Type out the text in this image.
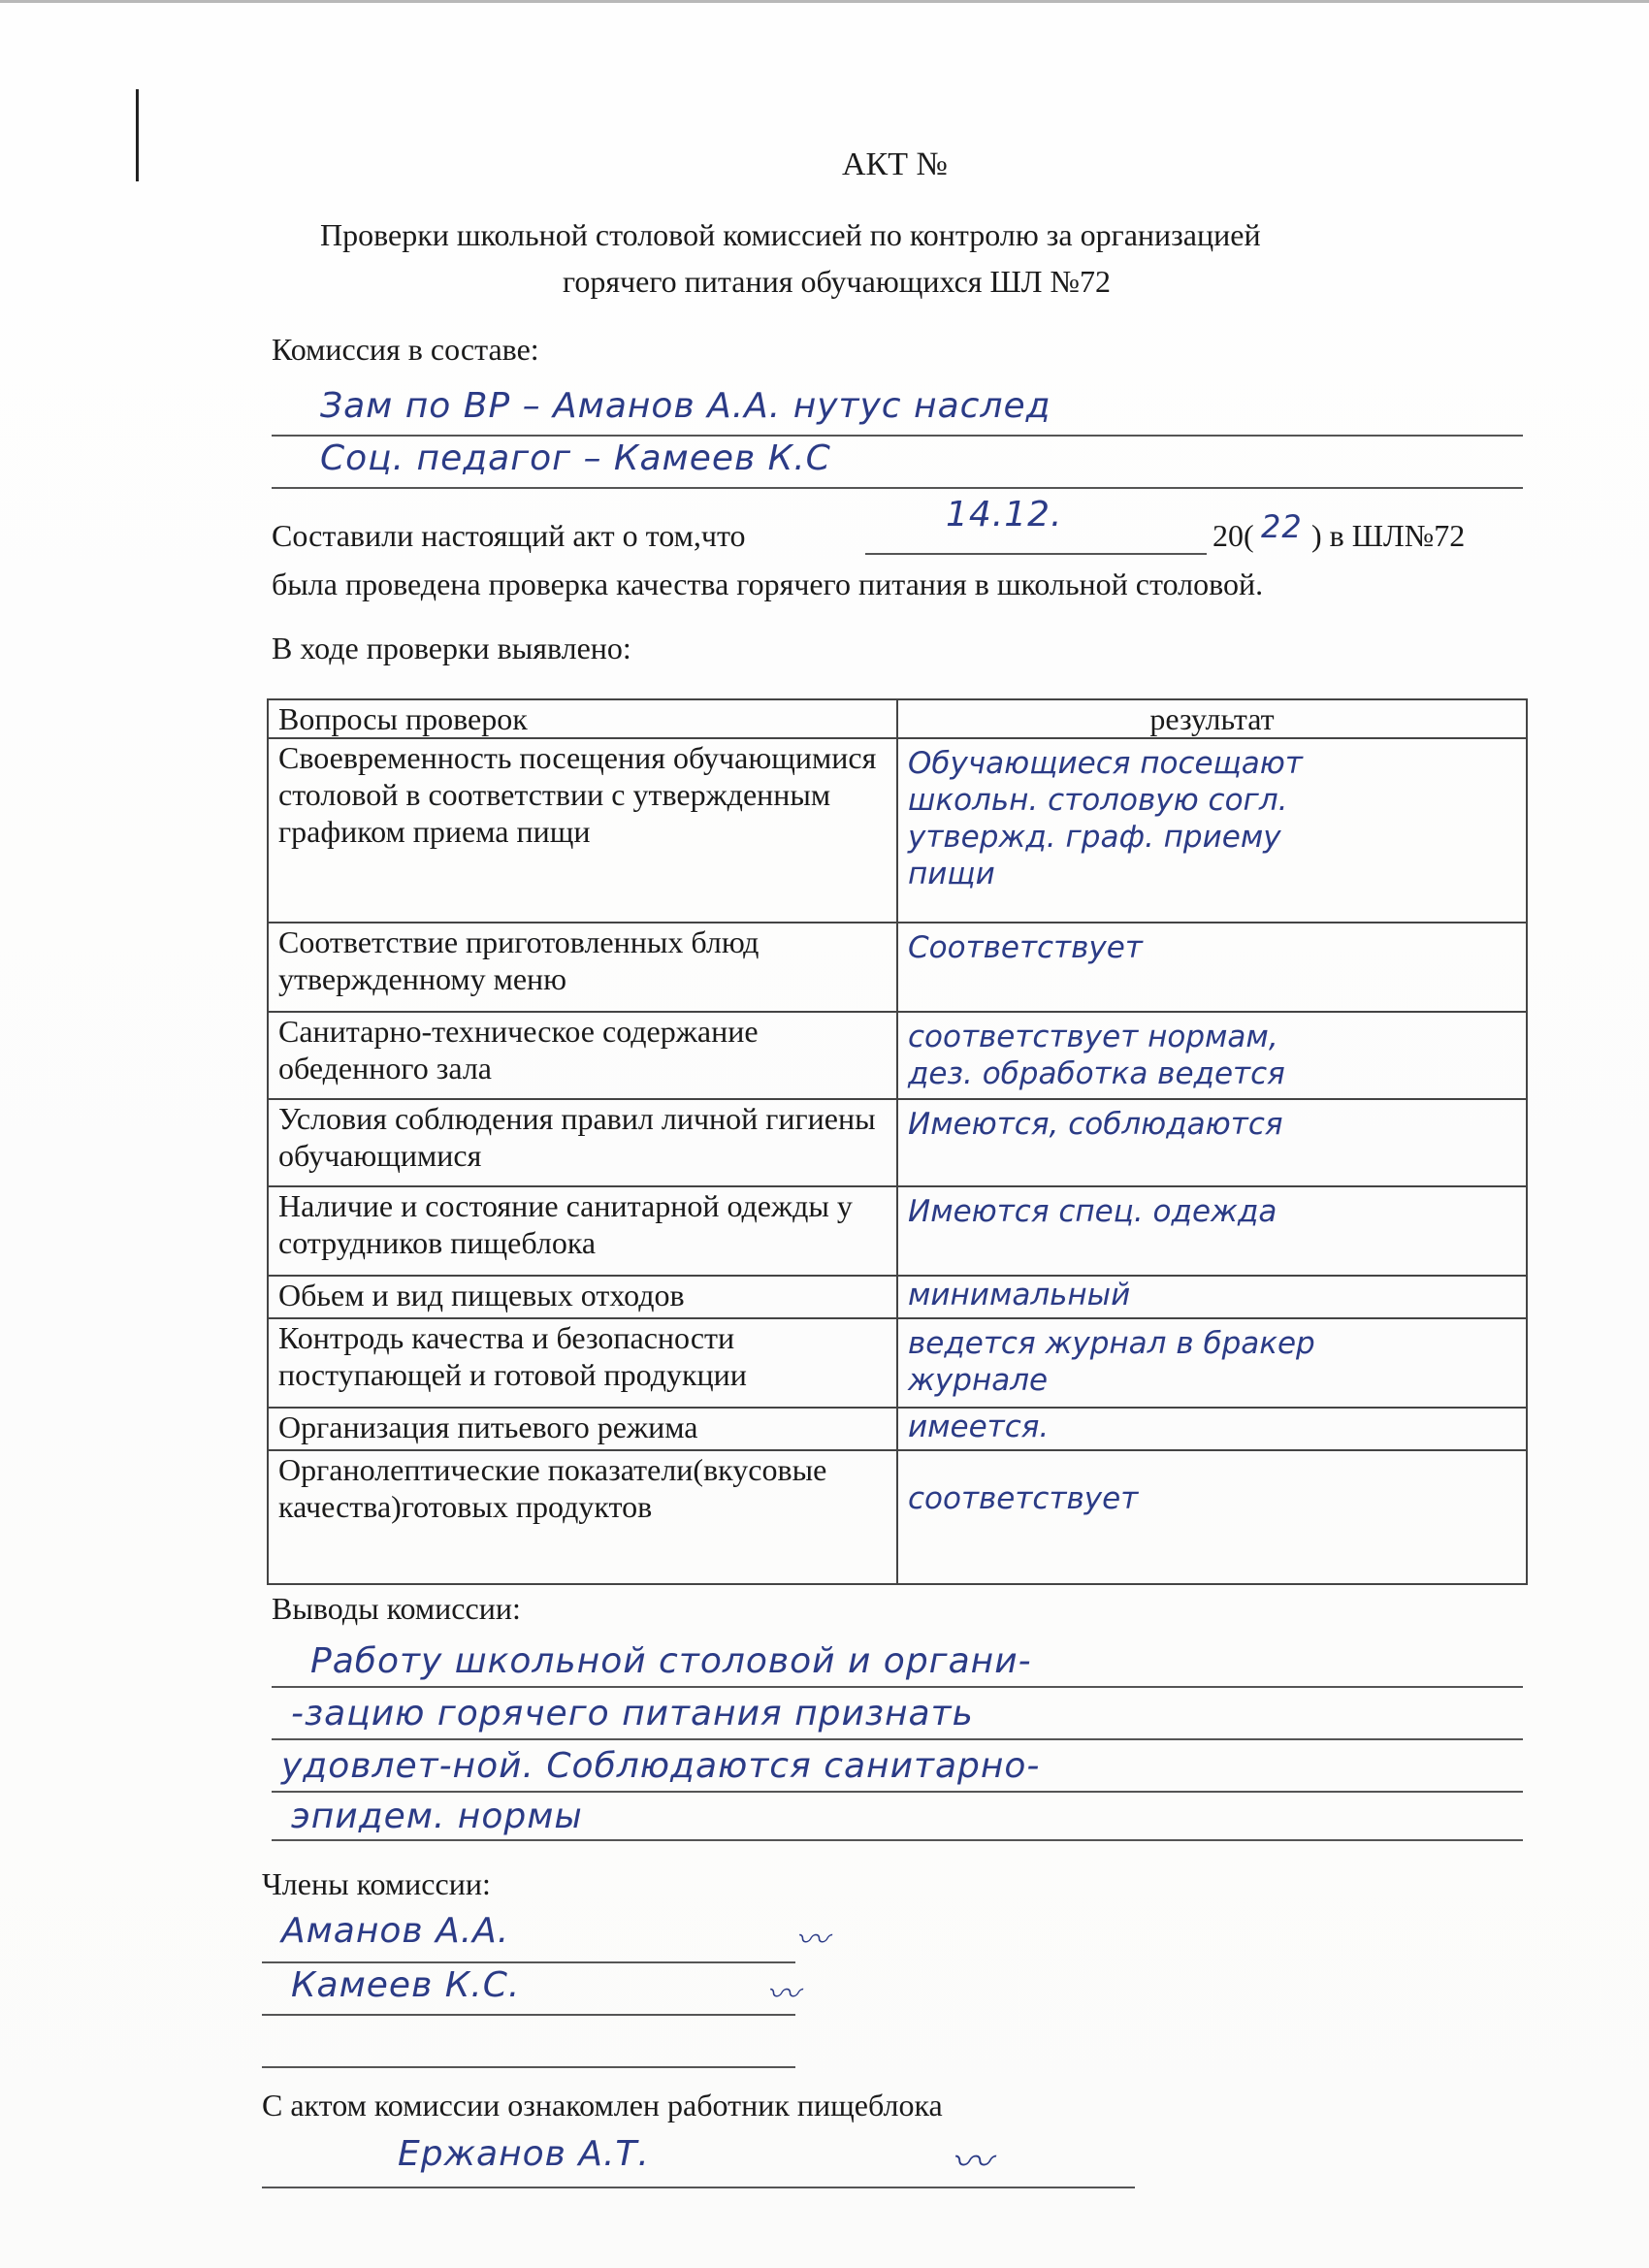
АКТ №
Проверки школьной столовой комиссией по контролю за организацией
горячего питания обучающихся ШЛ №72
Комиссия в составе:
Зам по ВР – Аманов А.А. нутус наслед
Соц. педагог – Камеев К.С
Составили настоящий акт о том,что
14.12.
20( 22 ) в ШЛ№72
была проведена проверка качества горячего питания в школьной столовой.
В ходе проверки выявлено:
Вопросы проверок	результат
Своевременность посещения обучающимися столовой в соответствии с утвержденным графиком приема пищи	Обучающиеся посещают
школьн. столовую согл.
утвержд. граф. приему
пищи

Соответствие приготовленных блюд утвержденному меню	Соответствует

Санитарно-техническое содержание обеденного зала	соответствует нормам,
дез. обработка ведется

Условия соблюдения правил личной гигиены обучающимися	Имеются, соблюдаются

Наличие и состояние санитарной одежды у сотрудников пищеблока	Имеются спец. одежда

Обьем и вид пищевых отходов	минимальный

Контродь качества и безопасности поступающей и готовой продукции	ведется журнал в бракер
журнале

Организация питьевого режима	имеется.

Органолептические показатели(вкусовые качества)готовых продуктов	соответствует
Выводы комиссии:
Работу школьной столовой и органи-
-зацию горячего питания признать
удовлет-ной. Соблюдаются санитарно-
эпидем. нормы
Члены комиссии:
Аманов А.А.	〰
Камеев К.С.	〰
С актом комиссии ознакомлен работник пищеблока
Ержанов А.Т.	〰
